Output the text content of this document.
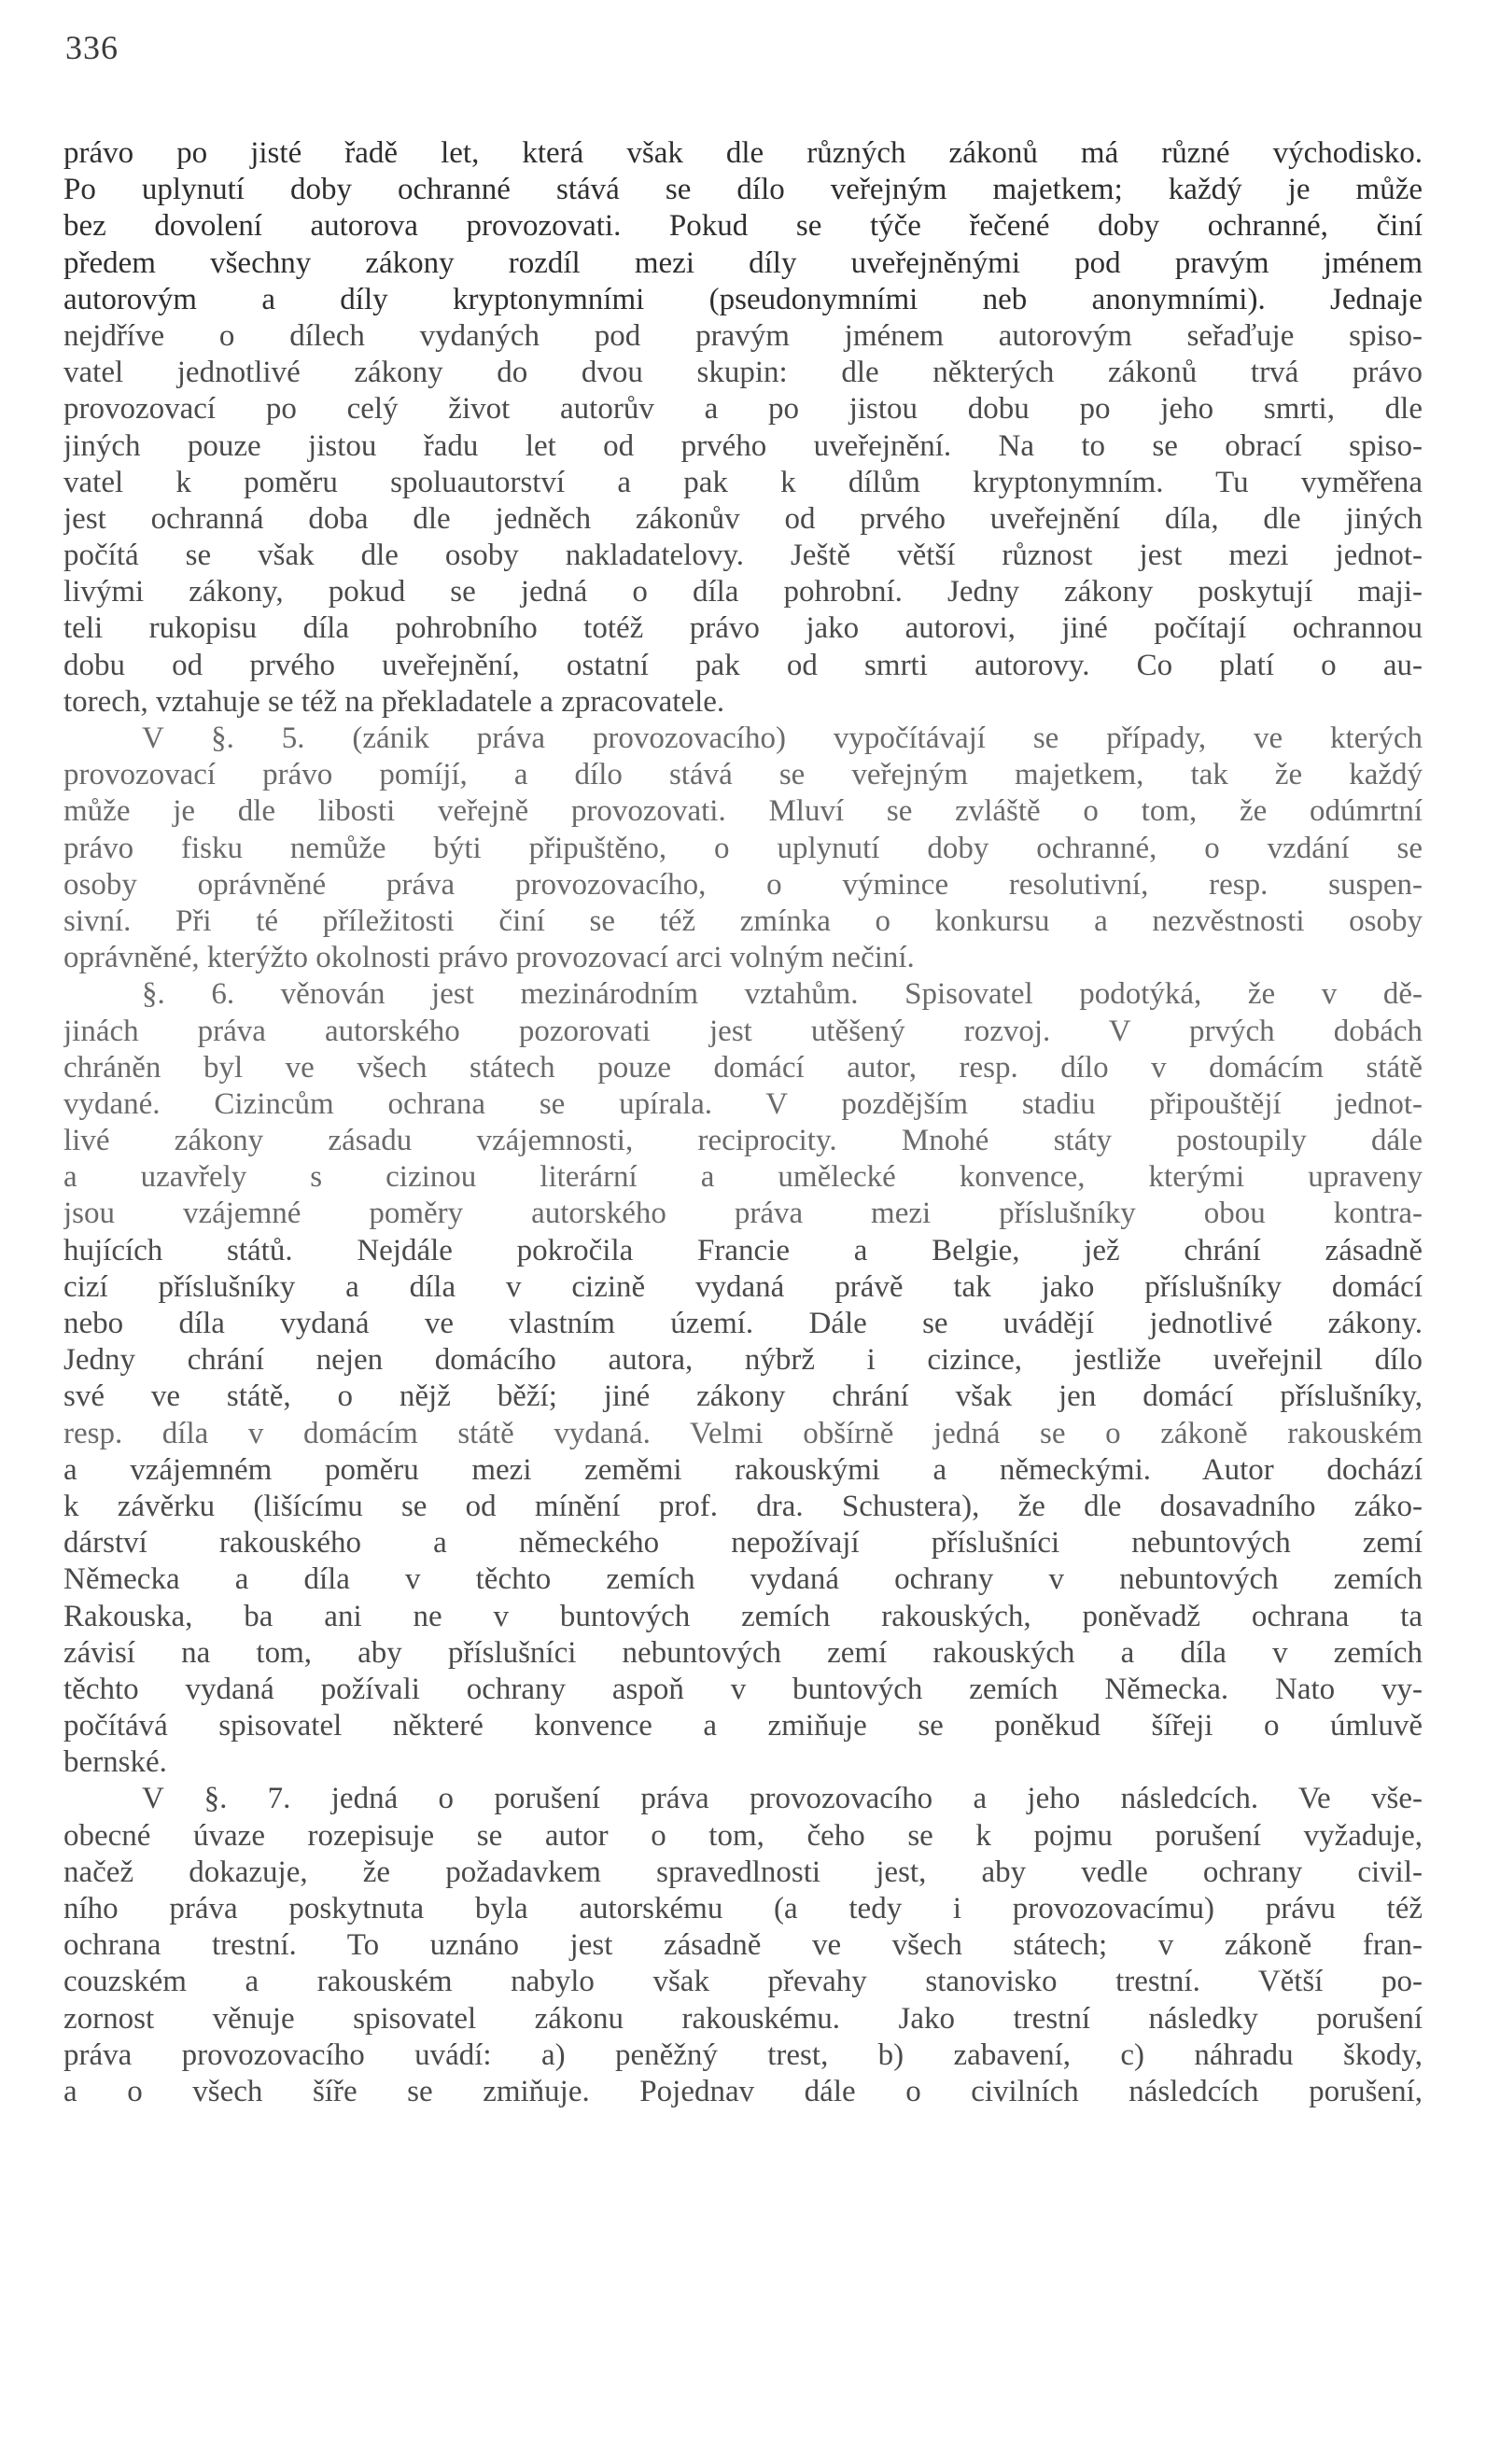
336
právo po jisté řadě let, která však dle různých zákonů má různé východisko.
Po uplynutí doby ochranné stává se dílo veřejným majetkem; každý je může
bez dovolení autorova provozovati. Pokud se týče řečené doby ochranné, činí
předem všechny zákony rozdíl mezi díly uveřejněnými pod pravým jménem
autorovým a díly kryptonymními (pseudonymními neb anonymními). Jednaje
nejdříve o dílech vydaných pod pravým jménem autorovým seřaďuje spiso-
vatel jednotlivé zákony do dvou skupin: dle některých zákonů trvá právo
provozovací po celý život autorův a po jistou dobu po jeho smrti, dle
jiných pouze jistou řadu let od prvého uveřejnění. Na to se obrací spiso-
vatel k poměru spoluautorství a pak k dílům kryptonymním. Tu vyměřena
jest ochranná doba dle jedněch zákonův od prvého uveřejnění díla, dle jiných
počítá se však dle osoby nakladatelovy. Ještě větší různost jest mezi jednot-
livými zákony, pokud se jedná o díla pohrobní. Jedny zákony poskytují maji-
teli rukopisu díla pohrobního totéž právo jako autorovi, jiné počítají ochrannou
dobu od prvého uveřejnění, ostatní pak od smrti autorovy. Co platí o au-
torech, vztahuje se též na překladatele a zpracovatele.
V §. 5. (zánik práva provozovacího) vypočítávají se případy, ve kterých
provozovací právo pomíjí, a dílo stává se veřejným majetkem, tak že každý
může je dle libosti veřejně provozovati. Mluví se zvláště o tom, že odúmrtní
právo fisku nemůže býti připuštěno, o uplynutí doby ochranné, o vzdání se
osoby oprávněné práva provozovacího, o výmince resolutivní, resp. suspen-
sivní. Při té příležitosti činí se též zmínka o konkursu a nezvěstnosti osoby
oprávněné, kterýžto okolnosti právo provozovací arci volným nečiní.
§. 6. věnován jest mezinárodním vztahům. Spisovatel podotýká, že v dě-
jinách práva autorského pozorovati jest utěšený rozvoj. V prvých dobách
chráněn byl ve všech státech pouze domácí autor, resp. dílo v domácím státě
vydané. Cizincům ochrana se upírala. V pozdějším stadiu připouštějí jednot-
livé zákony zásadu vzájemnosti, reciprocity. Mnohé státy postoupily dále
a uzavřely s cizinou literární a umělecké konvence, kterými upraveny
jsou vzájemné poměry autorského práva mezi příslušníky obou kontra-
hujících států. Nejdále pokročila Francie a Belgie, jež chrání zásadně
cizí příslušníky a díla v cizině vydaná právě tak jako příslušníky domácí
nebo díla vydaná ve vlastním území. Dále se uvádějí jednotlivé zákony.
Jedny chrání nejen domácího autora, nýbrž i cizince, jestliže uveřejnil dílo
své ve státě, o nějž běží; jiné zákony chrání však jen domácí příslušníky,
resp. díla v domácím státě vydaná. Velmi obšírně jedná se o zákoně rakouském
a vzájemném poměru mezi zeměmi rakouskými a německými. Autor dochází
k závěrku (lišícímu se od mínění prof. dra. Schustera), že dle dosavadního záko-
dárství rakouského a německého nepožívají příslušníci nebuntových zemí
Německa a díla v těchto zemích vydaná ochrany v nebuntových zemích
Rakouska, ba ani ne v buntových zemích rakouských, poněvadž ochrana ta
závisí na tom, aby příslušníci nebuntových zemí rakouských a díla v zemích
těchto vydaná požívali ochrany aspoň v buntových zemích Německa. Nato vy-
počítává spisovatel některé konvence a zmiňuje se poněkud šířeji o úmluvě
bernské.
V §. 7. jedná o porušení práva provozovacího a jeho následcích. Ve vše-
obecné úvaze rozepisuje se autor o tom, čeho se k pojmu porušení vyžaduje,
načež dokazuje, že požadavkem spravedlnosti jest, aby vedle ochrany civil-
ního práva poskytnuta byla autorskému (a tedy i provozovacímu) právu též
ochrana trestní. To uznáno jest zásadně ve všech státech; v zákoně fran-
couzském a rakouském nabylo však převahy stanovisko trestní. Větší po-
zornost věnuje spisovatel zákonu rakouskému. Jako trestní následky porušení
práva provozovacího uvádí: a) peněžný trest, b) zabavení, c) náhradu škody,
a o všech šíře se zmiňuje. Pojednav dále o civilních následcích porušení,
